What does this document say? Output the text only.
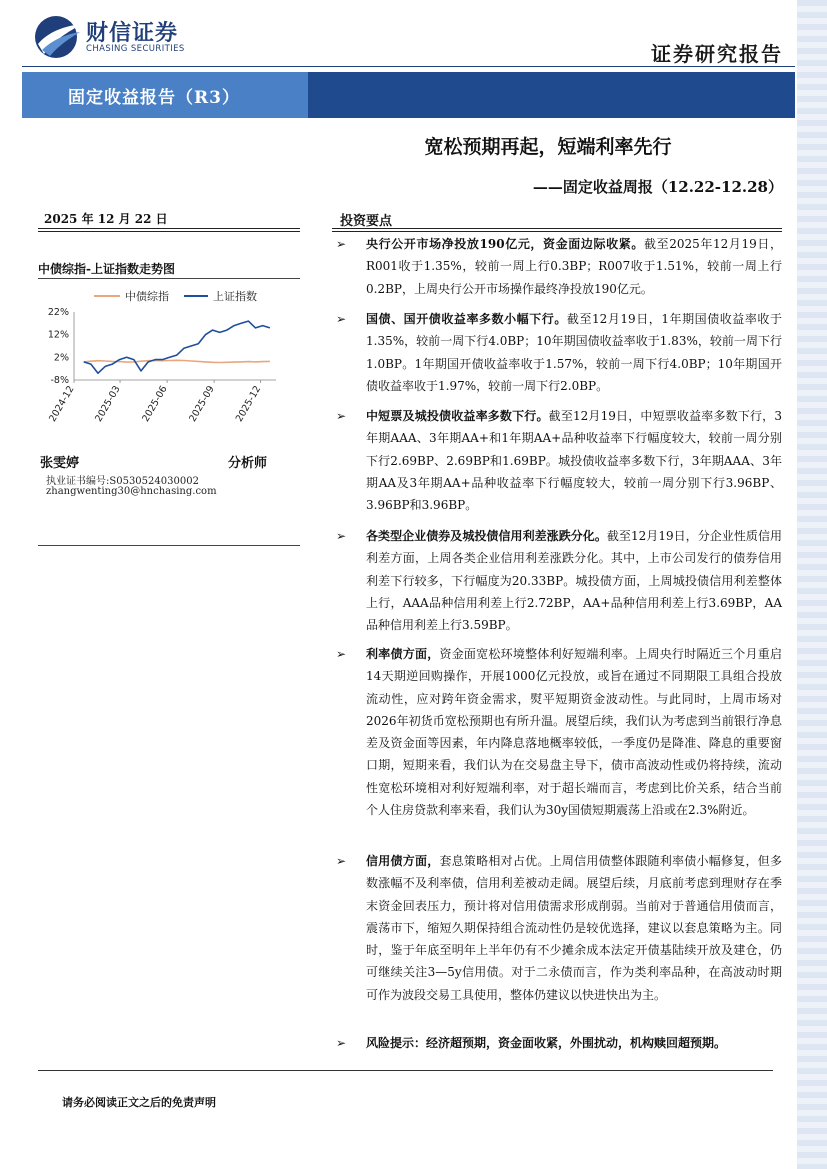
财信证券
CHASING SECURITIES	证券研究报告
固定收益报告（R3）
宽松预期再起，短端利率先行
——固定收益周报（12.22-12.28）
2025 年 12 月 22 日
中债综指-上证指数走势图
中债综指	上证指数
22%
12%
2%
-8%
2024-12 2025-03 2025-06 2025-09 2025-12
张雯婷	分析师
执业证书编号:S0530524030002
zhangwenting30@hnchasing.com
投资要点
➢ 央行公开市场净投放190亿元，资金面边际收紧。截至2025年12月19日，R001收于1.35%，较前一周上行0.3BP；R007收于1.51%，较前一周上行0.2BP，上周央行公开市场操作最终净投放190亿元。
➢ 国债、国开债收益率多数小幅下行。截至12月19日，1年期国债收益率收于1.35%，较前一周下行4.0BP；10年期国债收益率收于1.83%，较前一周下行1.0BP。1年期国开债收益率收于1.57%，较前一周下行4.0BP；10年期国开债收益率收于1.97%，较前一周下行2.0BP。
➢ 中短票及城投债收益率多数下行。截至12月19日，中短票收益率多数下行，3年期AAA、3年期AA+和1年期AA+品种收益率下行幅度较大，较前一周分别下行2.69BP、2.69BP和1.69BP。城投债收益率多数下行，3年期AAA、3年期AA及3年期AA+品种收益率下行幅度较大，较前一周分别下行3.96BP、3.96BP和3.96BP。
➢ 各类型企业债券及城投债信用利差涨跌分化。截至12月19日，分企业性质信用利差方面，上周各类企业信用利差涨跌分化。其中，上市公司发行的债券信用利差下行较多，下行幅度为20.33BP。城投债方面，上周城投债信用利差整体上行，AAA品种信用利差上行2.72BP，AA+品种信用利差上行3.69BP，AA品种信用利差上行3.59BP。
➢ 利率债方面，资金面宽松环境整体利好短端利率。上周央行时隔近三个月重启14天期逆回购操作，开展1000亿元投放，或旨在通过不同期限工具组合投放流动性，应对跨年资金需求，熨平短期资金波动性。与此同时，上周市场对2026年初货币宽松预期也有所升温。展望后续，我们认为考虑到当前银行净息差及资金面等因素，年内降息落地概率较低，一季度仍是降准、降息的重要窗口期，短期来看，我们认为在交易盘主导下，债市高波动性或仍将持续，流动性宽松环境相对利好短端利率，对于超长端而言，考虑到比价关系，结合当前个人住房贷款利率来看，我们认为30y国债短期震荡上沿或在2.3%附近。
➢ 信用债方面，套息策略相对占优。上周信用债整体跟随利率债小幅修复，但多数涨幅不及利率债，信用利差被动走阔。展望后续，月底前考虑到理财存在季末资金回表压力，预计将对信用债需求形成削弱。当前对于普通信用债而言，震荡市下，缩短久期保持组合流动性仍是较优选择，建议以套息策略为主。同时，鉴于年底至明年上半年仍有不少摊余成本法定开债基陆续开放及建仓，仍可继续关注3—5y信用债。对于二永债而言，作为类利率品种，在高波动时期可作为波段交易工具使用，整体仍建议以快进快出为主。
➢ 风险提示：经济超预期，资金面收紧，外围扰动，机构赎回超预期。
请务必阅读正文之后的免责声明
